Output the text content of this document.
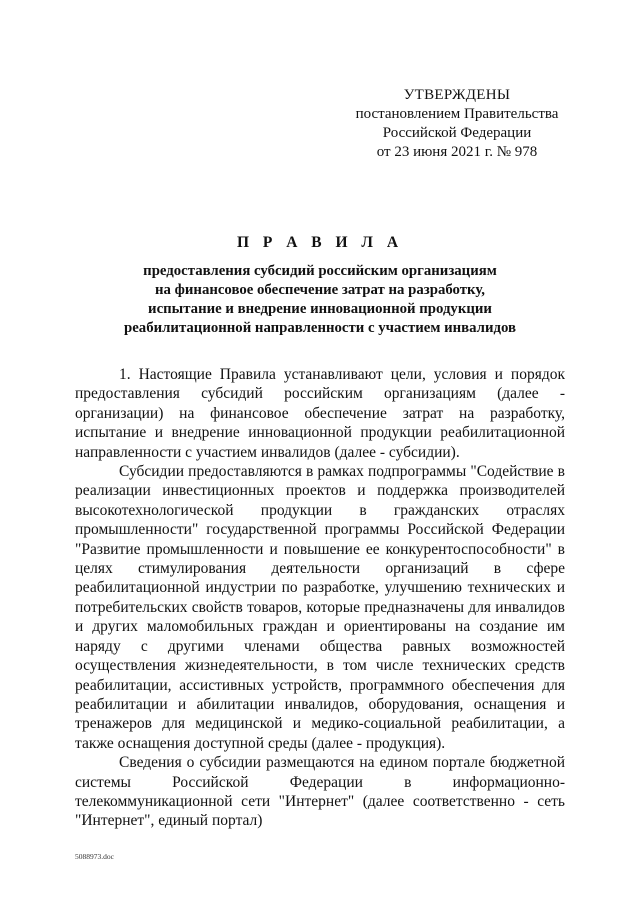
УТВЕРЖДЕНЫ
постановлением Правительства
Российской Федерации
от 23 июня 2021 г. № 978
П Р А В И Л А
предоставления субсидий российским организациям
на финансовое обеспечение затрат на разработку,
испытание и внедрение инновационной продукции
реабилитационной направленности с участием инвалидов

1. Настоящие Правила устанавливают цели, условия и порядок предоставления субсидий российским организациям (далее - организации) на финансовое обеспечение затрат на разработку, испытание и внедрение инновационной продукции реабилитационной направленности с участием инвалидов (далее - субсидии).

Субсидии предоставляются в рамках подпрограммы "Содействие в реализации инвестиционных проектов и поддержка производителей высокотехнологической продукции в гражданских отраслях промышленности" государственной программы Российской Федерации "Развитие промышленности и повышение ее конкурентоспособности" в целях стимулирования деятельности организаций в сфере реабилитационной индустрии по разработке, улучшению технических и потребительских свойств товаров, которые предназначены для инвалидов и других маломобильных граждан и ориентированы на создание им наряду с другими членами общества равных возможностей осуществления жизнедеятельности, в том числе технических средств реабилитации, ассистивных устройств, программного обеспечения для реабилитации и абилитации инвалидов, оборудования, оснащения и тренажеров для медицинской и медико-социальной реабилитации, а также оснащения доступной среды (далее - продукция).

Сведения о субсидии размещаются на едином портале бюджетной системы Российской Федерации в информационно-телекоммуникационной сети "Интернет" (далее соответственно - сеть "Интернет", единый портал)

5088973.doc
